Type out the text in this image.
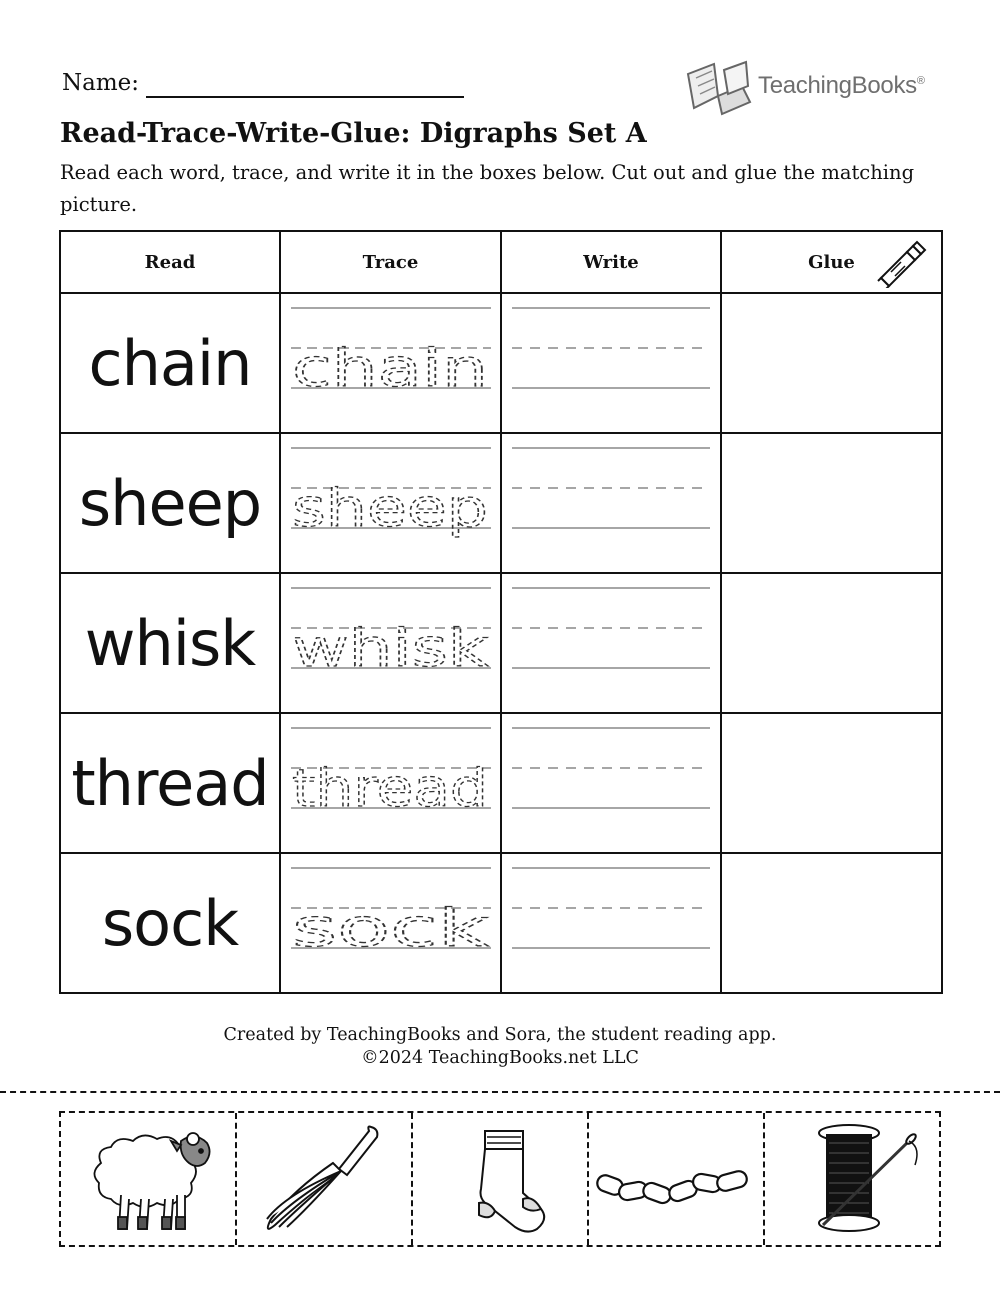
Name:	TeachingBooks®
Read-Trace-Write-Glue: Digraphs Set A
Read each word, trace, and write it in the boxes below. Cut out and glue the matching picture.
Read	Trace	Write	Glue

chain	chain

sheep	sheep

whisk	whisk

thread	thread

sock	sock

Created by TeachingBooks and Sora, the student reading app.
©2024 TeachingBooks.net LLC
